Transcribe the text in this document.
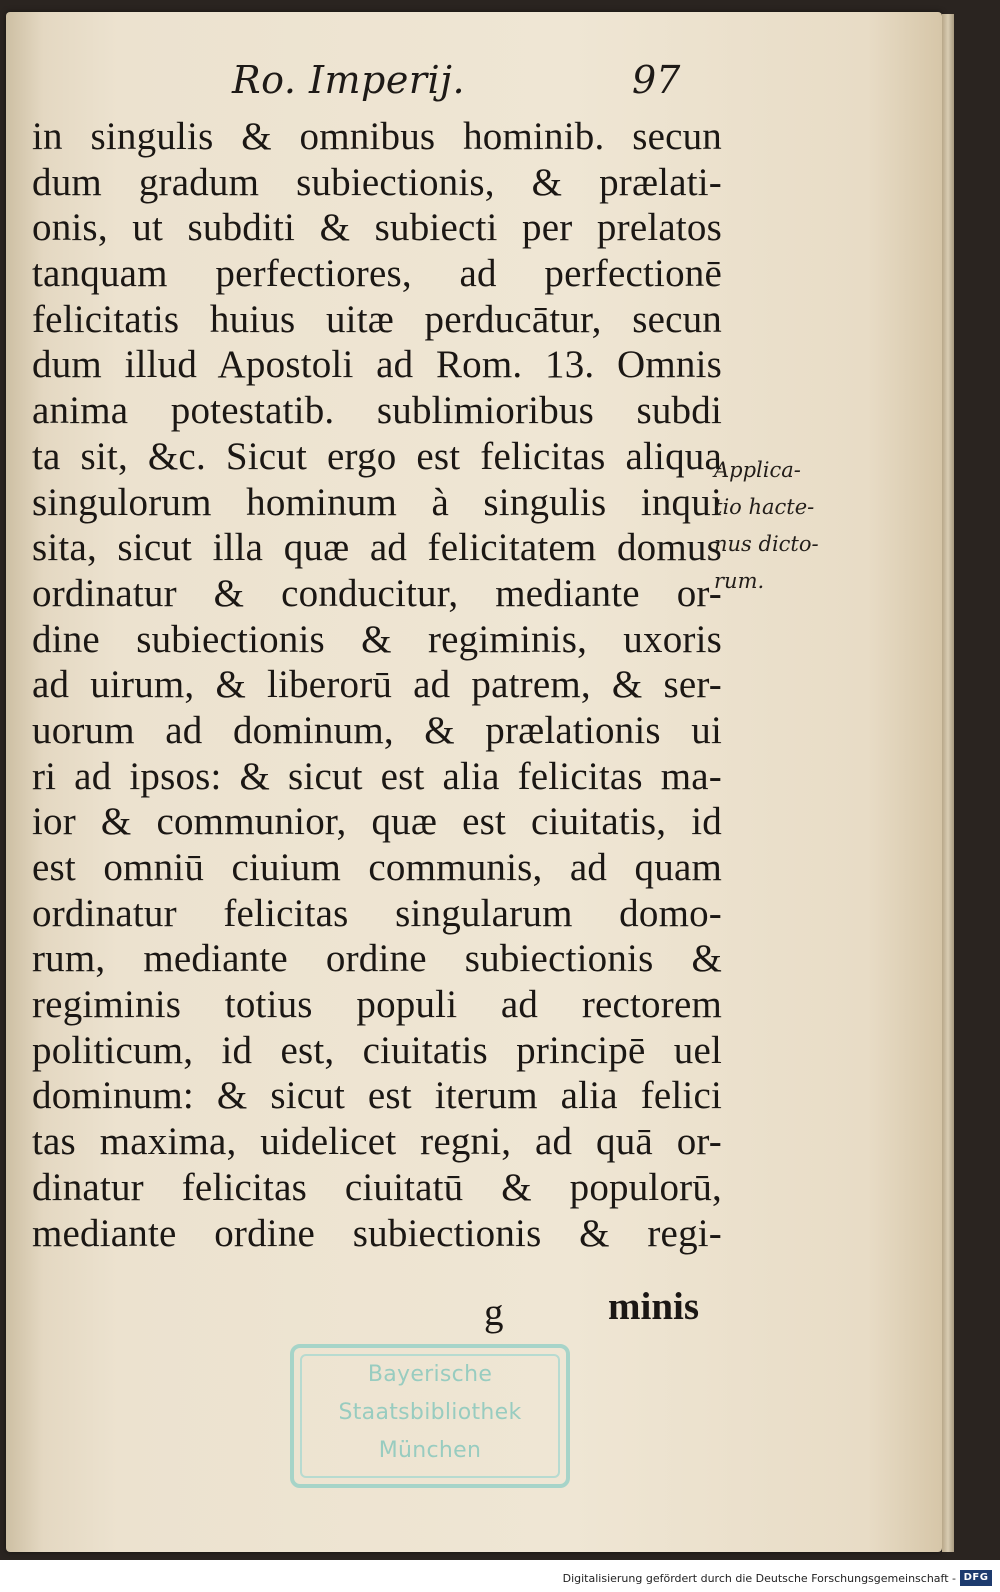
Ro. Imperij.	97
in singulis & omnibus hominib. secun
dum gradum subiectionis, & prælati-
onis, ut subditi & subiecti per prelatos
tanquam perfectiores, ad perfectionē
felicitatis huius uitæ perducātur, secun
dum illud Apostoli ad Rom. 13. Omnis
anima potestatib. sublimioribus subdi
ta sit, &c. Sicut ergo est felicitas aliqua
singulorum hominum à singulis inqui
sita, sicut illa quæ ad felicitatem domus
ordinatur & conducitur, mediante or-
dine subiectionis & regiminis, uxoris
ad uirum, & liberorū ad patrem, & ser-
uorum ad dominum, & prælationis ui
ri ad ipsos: & sicut est alia felicitas ma-
ior & communior, quæ est ciuitatis, id
est omniū ciuium communis, ad quam
ordinatur felicitas singularum domo-
rum, mediante ordine subiectionis &
regiminis totius populi ad rectorem
politicum, id est, ciuitatis principē uel
dominum: & sicut est iterum alia felici
tas maxima, uidelicet regni, ad quā or-
dinatur felicitas ciuitatū & populorū,
mediante ordine subiectionis & regi-
Applica-
tio hacte-
nus dicto-
rum.
g	minis
Bayerische
Staatsbibliothek
München
Digitalisierung gefördert durch die Deutsche Forschungsgemeinschaft - DFG
